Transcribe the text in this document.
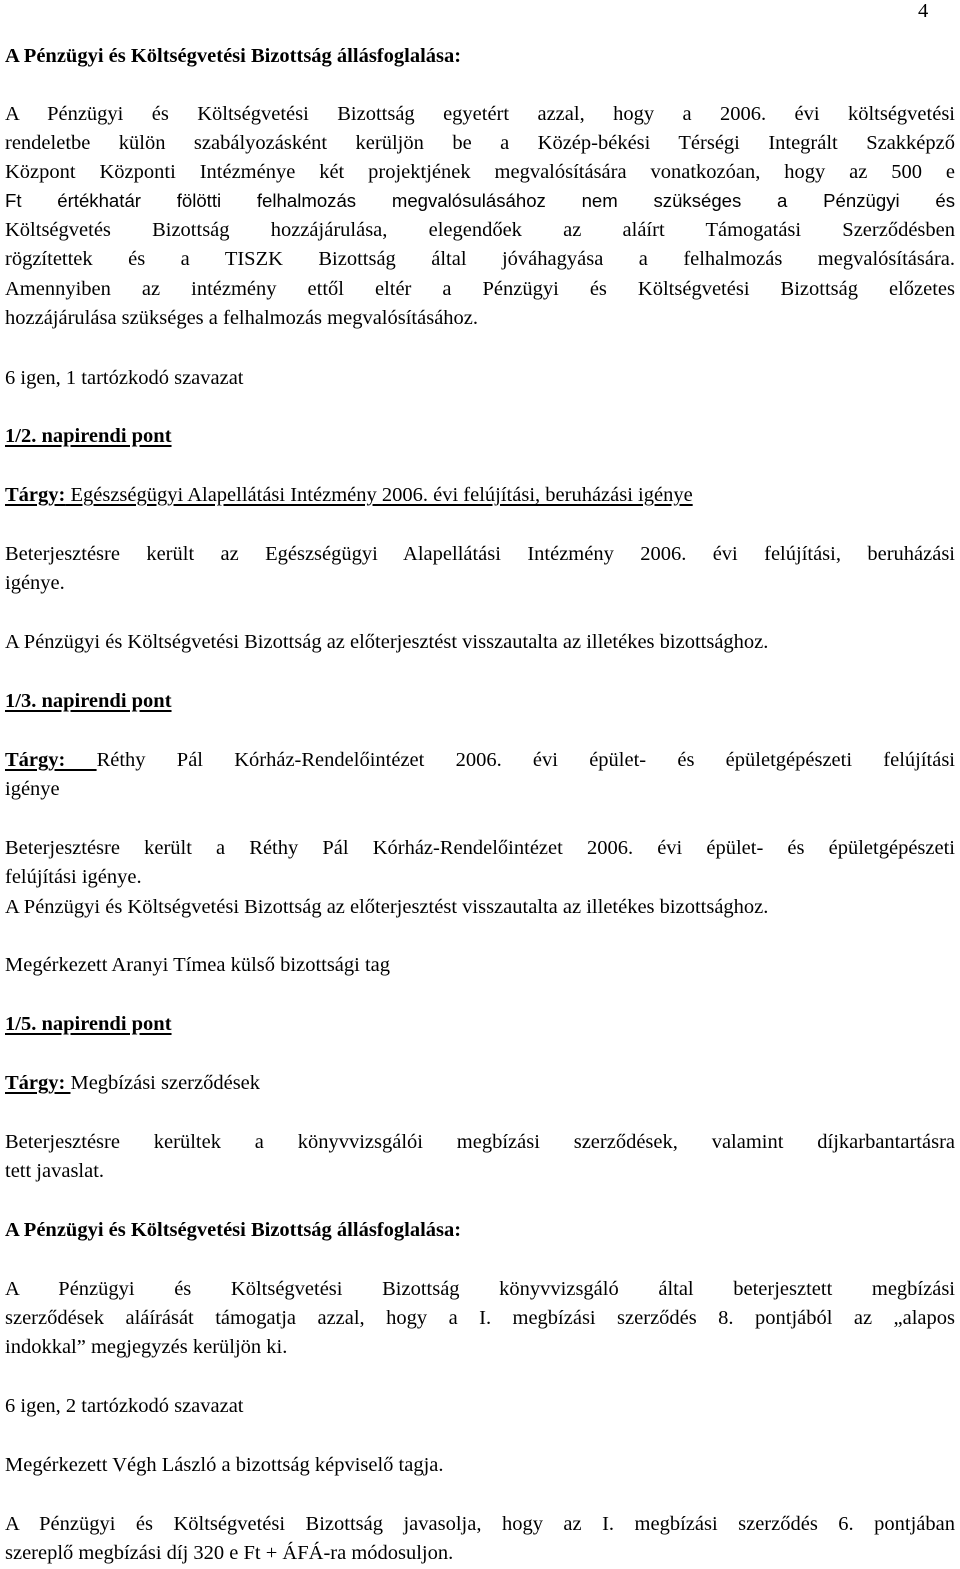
4

A Pénzügyi és Költségvetési Bizottság állásfoglalása:

A Pénzügyi és Költségvetési Bizottság egyetért azzal, hogy a 2006. évi költségvetési

rendeletbe külön szabályozásként kerüljön be a Közép-békési Térségi Integrált Szakképző

Központ Központi Intézménye két projektjének megvalósítására vonatkozóan, hogy az 500 e

Ft értékhatár fölötti felhalmozás megvalósulásához nem szükséges a Pénzügyi és

Költségvetés Bizottság hozzájárulása, elegendőek az aláírt Támogatási Szerződésben

rögzítettek és a TISZK Bizottság által jóváhagyása a felhalmozás megvalósítására.

Amennyiben az intézmény ettől eltér a Pénzügyi és Költségvetési Bizottság előzetes

hozzájárulása szükséges a felhalmozás megvalósításához.

6 igen, 1 tartózkodó szavazat

1/2. napirendi pont

Tárgy: Egészségügyi Alapellátási Intézmény 2006. évi felújítási, beruházási igénye

Beterjesztésre került az Egészségügyi Alapellátási Intézmény 2006. évi felújítási, beruházási

igénye.

A Pénzügyi és Költségvetési Bizottság az előterjesztést visszautalta az illetékes bizottsághoz.

1/3. napirendi pont

Tárgy: Réthy Pál Kórház-Rendelőintézet 2006. évi épület- és épületgépészeti felújítási

igénye

Beterjesztésre került a Réthy Pál Kórház-Rendelőintézet 2006. évi épület- és épületgépészeti

felújítási igénye.

A Pénzügyi és Költségvetési Bizottság az előterjesztést visszautalta az illetékes bizottsághoz.

Megérkezett Aranyi Tímea külső bizottsági tag

1/5. napirendi pont

Tárgy: Megbízási szerződések

Beterjesztésre kerültek a könyvvizsgálói megbízási szerződések, valamint díjkarbantartásra

tett javaslat.

A Pénzügyi és Költségvetési Bizottság állásfoglalása:

A Pénzügyi és Költségvetési Bizottság könyvvizsgáló által beterjesztett megbízási

szerződések aláírását támogatja azzal, hogy a I. megbízási szerződés 8. pontjából az „alapos

indokkal” megjegyzés kerüljön ki.

6 igen, 2 tartózkodó szavazat

Megérkezett Végh László a bizottság képviselő tagja.

A Pénzügyi és Költségvetési Bizottság javasolja, hogy az I. megbízási szerződés 6. pontjában

szereplő megbízási díj 320 e Ft + ÁFÁ-ra módosuljon.
